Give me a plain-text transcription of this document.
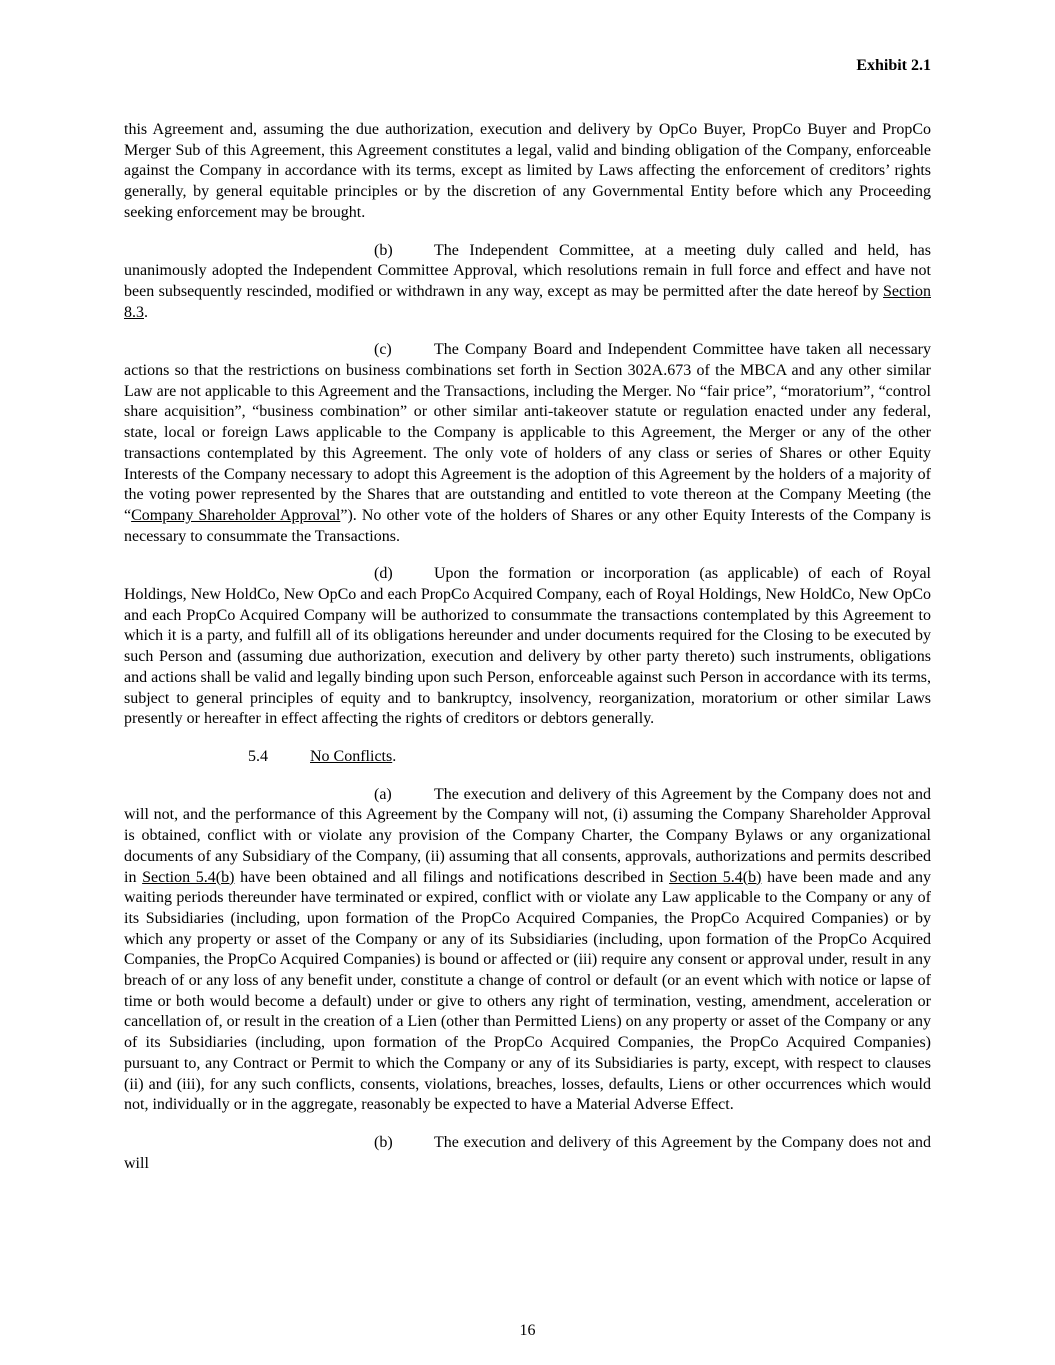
Exhibit 2.1

this Agreement and, assuming the due authorization, execution and delivery by OpCo Buyer, PropCo Buyer and PropCo Merger Sub of this Agreement, this Agreement constitutes a legal, valid and binding obligation of the Company, enforceable against the Company in accordance with its terms, except as limited by Laws affecting the enforcement of creditors’ rights generally, by general equitable principles or by the discretion of any Governmental Entity before which any Proceeding seeking enforcement may be brought.

(b)	The Independent Committee, at a meeting duly called and held, has unanimously adopted the Independent Committee Approval, which resolutions remain in full force and effect and have not been subsequently rescinded, modified or withdrawn in any way, except as may be permitted after the date hereof by Section 8.3.

(c)	The Company Board and Independent Committee have taken all necessary actions so that the restrictions on business combinations set forth in Section 302A.673 of the MBCA and any other similar Law are not applicable to this Agreement and the Transactions, including the Merger. No “fair price”, “moratorium”, “control share acquisition”, “business combination” or other similar anti-takeover statute or regulation enacted under any federal, state, local or foreign Laws applicable to the Company is applicable to this Agreement, the Merger or any of the other transactions contemplated by this Agreement. The only vote of holders of any class or series of Shares or other Equity Interests of the Company necessary to adopt this Agreement is the adoption of this Agreement by the holders of a majority of the voting power represented by the Shares that are outstanding and entitled to vote thereon at the Company Meeting (the “Company Shareholder Approval”). No other vote of the holders of Shares or any other Equity Interests of the Company is necessary to consummate the Transactions.

(d)	Upon the formation or incorporation (as applicable) of each of Royal Holdings, New HoldCo, New OpCo and each PropCo Acquired Company, each of Royal Holdings, New HoldCo, New OpCo and each PropCo Acquired Company will be authorized to consummate the transactions contemplated by this Agreement to which it is a party, and fulfill all of its obligations hereunder and under documents required for the Closing to be executed by such Person and (assuming due authorization, execution and delivery by other party thereto) such instruments, obligations and actions shall be valid and legally binding upon such Person, enforceable against such Person in accordance with its terms, subject to general principles of equity and to bankruptcy, insolvency, reorganization, moratorium or other similar Laws presently or hereafter in effect affecting the rights of creditors or debtors generally.

5.4	No Conflicts.

(a)	The execution and delivery of this Agreement by the Company does not and will not, and the performance of this Agreement by the Company will not, (i) assuming the Company Shareholder Approval is obtained, conflict with or violate any provision of the Company Charter, the Company Bylaws or any organizational documents of any Subsidiary of the Company, (ii) assuming that all consents, approvals, authorizations and permits described in Section 5.4(b) have been obtained and all filings and notifications described in Section 5.4(b) have been made and any waiting periods thereunder have terminated or expired, conflict with or violate any Law applicable to the Company or any of its Subsidiaries (including, upon formation of the PropCo Acquired Companies, the PropCo Acquired Companies) or by which any property or asset of the Company or any of its Subsidiaries (including, upon formation of the PropCo Acquired Companies, the PropCo Acquired Companies) is bound or affected or (iii) require any consent or approval under, result in any breach of or any loss of any benefit under, constitute a change of control or default (or an event which with notice or lapse of time or both would become a default) under or give to others any right of termination, vesting, amendment, acceleration or cancellation of, or result in the creation of a Lien (other than Permitted Liens) on any property or asset of the Company or any of its Subsidiaries (including, upon formation of the PropCo Acquired Companies, the PropCo Acquired Companies) pursuant to, any Contract or Permit to which the Company or any of its Subsidiaries is party, except, with respect to clauses (ii) and (iii), for any such conflicts, consents, violations, breaches, losses, defaults, Liens or other occurrences which would not, individually or in the aggregate, reasonably be expected to have a Material Adverse Effect.

(b)	The execution and delivery of this Agreement by the Company does not and will

16
